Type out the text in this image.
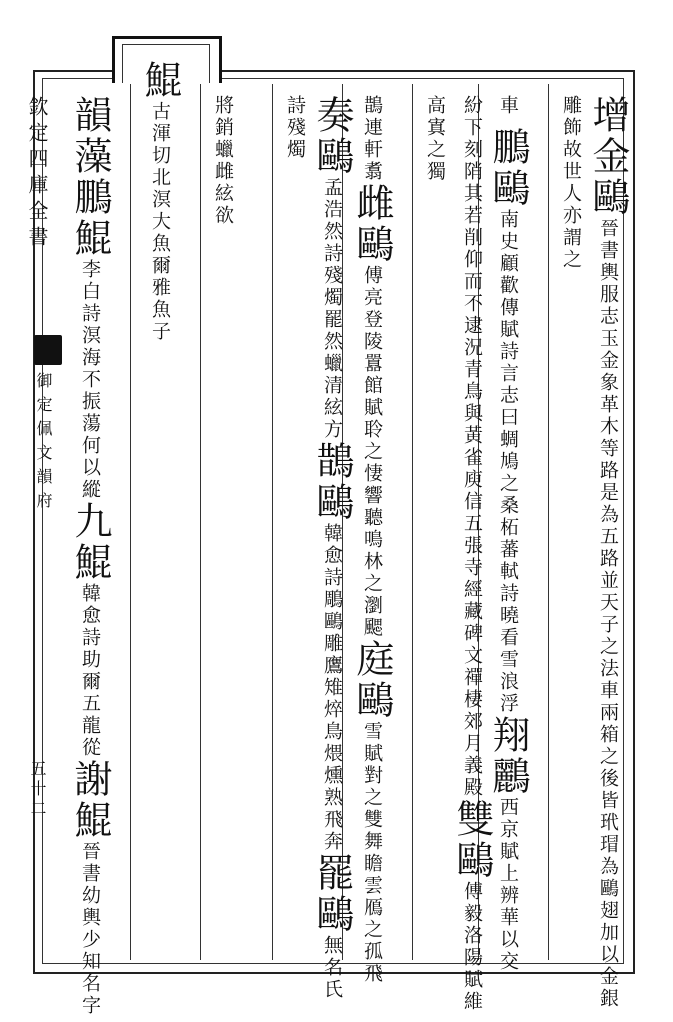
欽定四庫全書
御定佩文韻府
五十二
增金鷗晉書輿服志玉金象革木等路是為五路並天子之法車兩箱之後皆玳瑁為鷗翅加以金銀雕飾故世人亦謂之
車 鵬鷗南史顧歡傳賦詩言志曰蜩鳩之桑柘蕃軾詩曉看雪浪浮翔鸝西京賦上辨華以交
紛下刻陗其若削仰而不逮況青鳥與黃雀庾信五張寺經藏碑文禪棲郊月義殿雙鷗傅毅洛陽賦維高寘之獨
鵲連軒翥雌鷗傅亮登陵囂館賦聆之悽響聽鳴林之瀏颸庭鷗雪賦對之雙舞瞻雲鴈之孤飛
奏鷗孟浩然詩殘燭罷然蠟清絃方鵲鷗韓愈詩鵰鷗雕鷹雉焠鳥煨燻熟飛奔罷鷗無名氏詩殘燭
將銷蠟雌絃欲
鯤古渾切北溟大魚爾雅魚子
韻藻鵬鯤李白詩溟海不振蕩何以縱九鯤韓愈詩助爾五龍從謝鯤晉書幼輿少知名字
